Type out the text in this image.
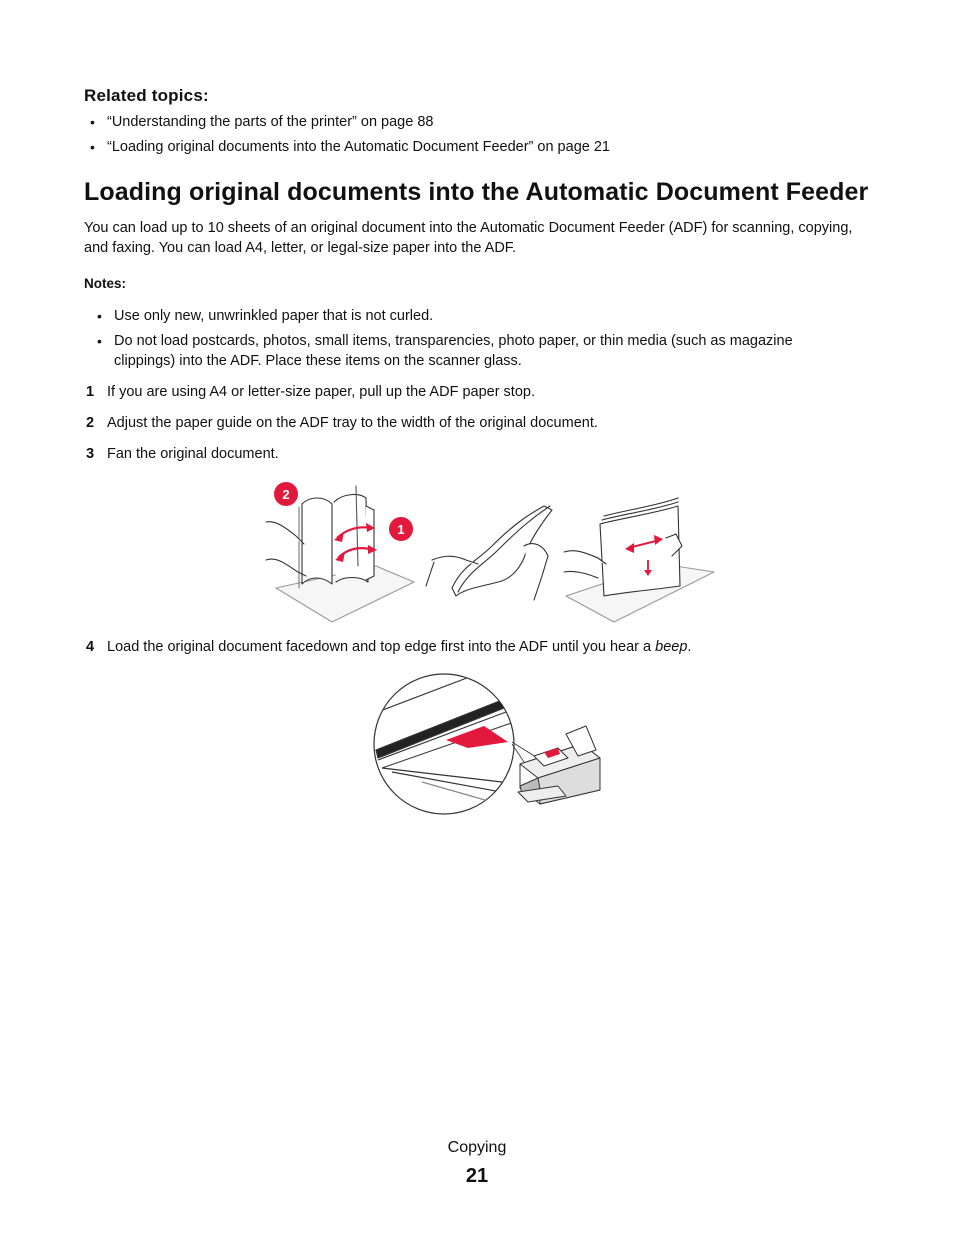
Related topics:
• “Understanding the parts of the printer” on page 88
• “Loading original documents into the Automatic Document Feeder” on page 21
Loading original documents into the Automatic Document Feeder
You can load up to 10 sheets of an original document into the Automatic Document Feeder (ADF) for scanning, copying, and faxing. You can load A4, letter, or legal-size paper into the ADF.
Notes:
• Use only new, unwrinkled paper that is not curled.
• Do not load postcards, photos, small items, transparencies, photo paper, or thin media (such as magazine clippings) into the ADF. Place these items on the scanner glass.
1 If you are using A4 or letter-size paper, pull up the ADF paper stop.
2 Adjust the paper guide on the ADF tray to the width of the original document.
3 Fan the original document.
2
1
4 Load the original document facedown and top edge first into the ADF until you hear a beep.
Copying
21
